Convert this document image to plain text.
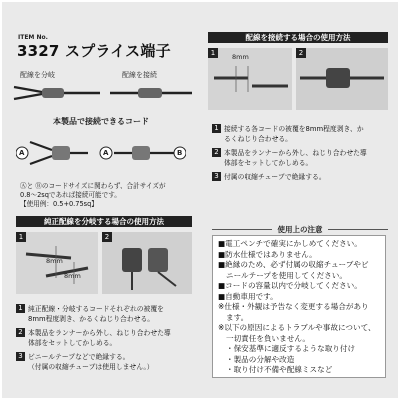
ITEM No.
3327 スプライス端子
配線を分岐	配線を接続
本製品で接続できるコード
A	A	B
Ⓐと Ⓑのコードサイズに関わらず、合計サイズが
0.8〜2sqであれば接続可能です。
【使用例：0.5+0.75sq】
純正配線を分岐する場合の使用方法
1
8mm
8mm
2
1 純正配線・分岐するコードそれぞれの被覆を
8mm程度剥き、かるくねじり合わせる。
2 本製品をランナーから外し、ねじり合わせた導
体部をセットしてかしめる。
3 ビニールテープなどで絶縁する。
（付属の収縮チューブは使用しません。）
配線を接続する場合の使用方法
1	8mm	2
1 接続する各コードの被覆を8mm程度剥き、か
るくねじり合わせる。
2 本製品をランナーから外し、ねじり合わせた導
体部をセットしてかしめる。
3 付属の収縮チューブで絶縁する。
使用上の注意
■電工ペンチで確実にかしめてください。
■防水仕様ではありません。
■絶縁のため、必ず付属の収縮チューブやビ
ニールテープを使用してください。
■コードの容量以内で分岐してください。
■自動車用です。
※仕様・外観は予告なく変更する場合があり
ます。
※以下の原因によるトラブルや事故について、
一切責任を負いません。
・保安基準に適反するような取り付け
・製品の分解や改造
・取り付け不備や配線ミスなど
